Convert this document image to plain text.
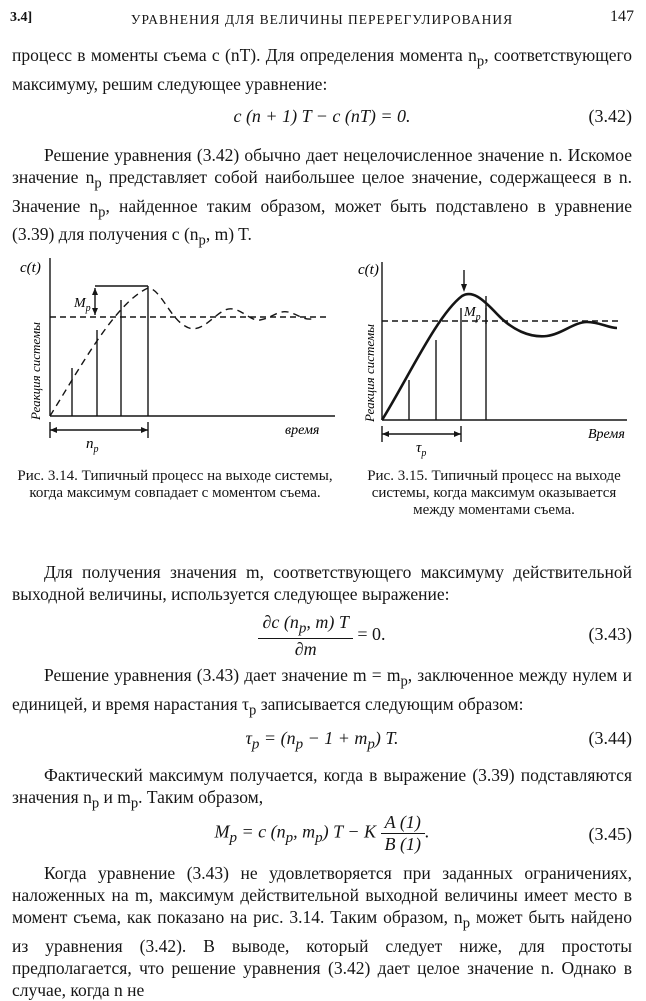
3.4]	УРАВНЕНИЯ ДЛЯ ВЕЛИЧИНЫ ПЕРЕРЕГУЛИРОВАНИЯ	147
процесс в моменты съема c (nT). Для определения момента $n_p$, соответствующего максимуму, решим следующее уравнение:
c (n + 1) T − c (nT) = 0.	(3.42)
Решение уравнения (3.42) обычно дает нецелочисленное значение n. Искомое значение $n_p$ представляет собой наибольшее целое значение, содержащееся в n. Значение $n_p$, найденное таким образом, может быть подставлено в уравнение (3.39) для получения c ($n_p$, m) T.
c(t)
Реакция системы
время
$M_p$
$n_p$
c(t)
Реакция системы
Время
$M_p$
$\tau_p$
Рис. 3.14. Типичный процесс на выходе системы, когда максимум совпадает с моментом съема.
Рис. 3.15. Типичный процесс на выходе системы, когда максимум оказывается между моментами съема.
Для получения значения m, соответствующего максимуму действительной выходной величины, используется следующее выражение:
$\frac{\partial c (n_p, m) T}{\partial m} = 0$.	(3.43)
Решение уравнения (3.43) дает значение $m = m_p$, заключенное между нулем и единицей, и время нарастания $\tau_p$ записывается следующим образом:
$\tau_p = (n_p - 1 + m_p)$ T.	(3.44)
Фактический максимум получается, когда в выражение (3.39) подставляются значения $n_p$ и $m_p$. Таким образом,
$M_p = c$ ($n_p$, $m_p$) T − K $\frac{A (1)}{B (1)}$ .	(3.45)
Когда уравнение (3.43) не удовлетворяется при заданных ограничениях, наложенных на m, максимум действительной выходной величины имеет место в момент съема, как показано на рис. 3.14. Таким образом, $n_p$ может быть найдено из уравнения (3.42). В выводе, который следует ниже, для простоты предполагается, что решение уравнения (3.42) дает целое значение n. Однако в случае, когда n не
